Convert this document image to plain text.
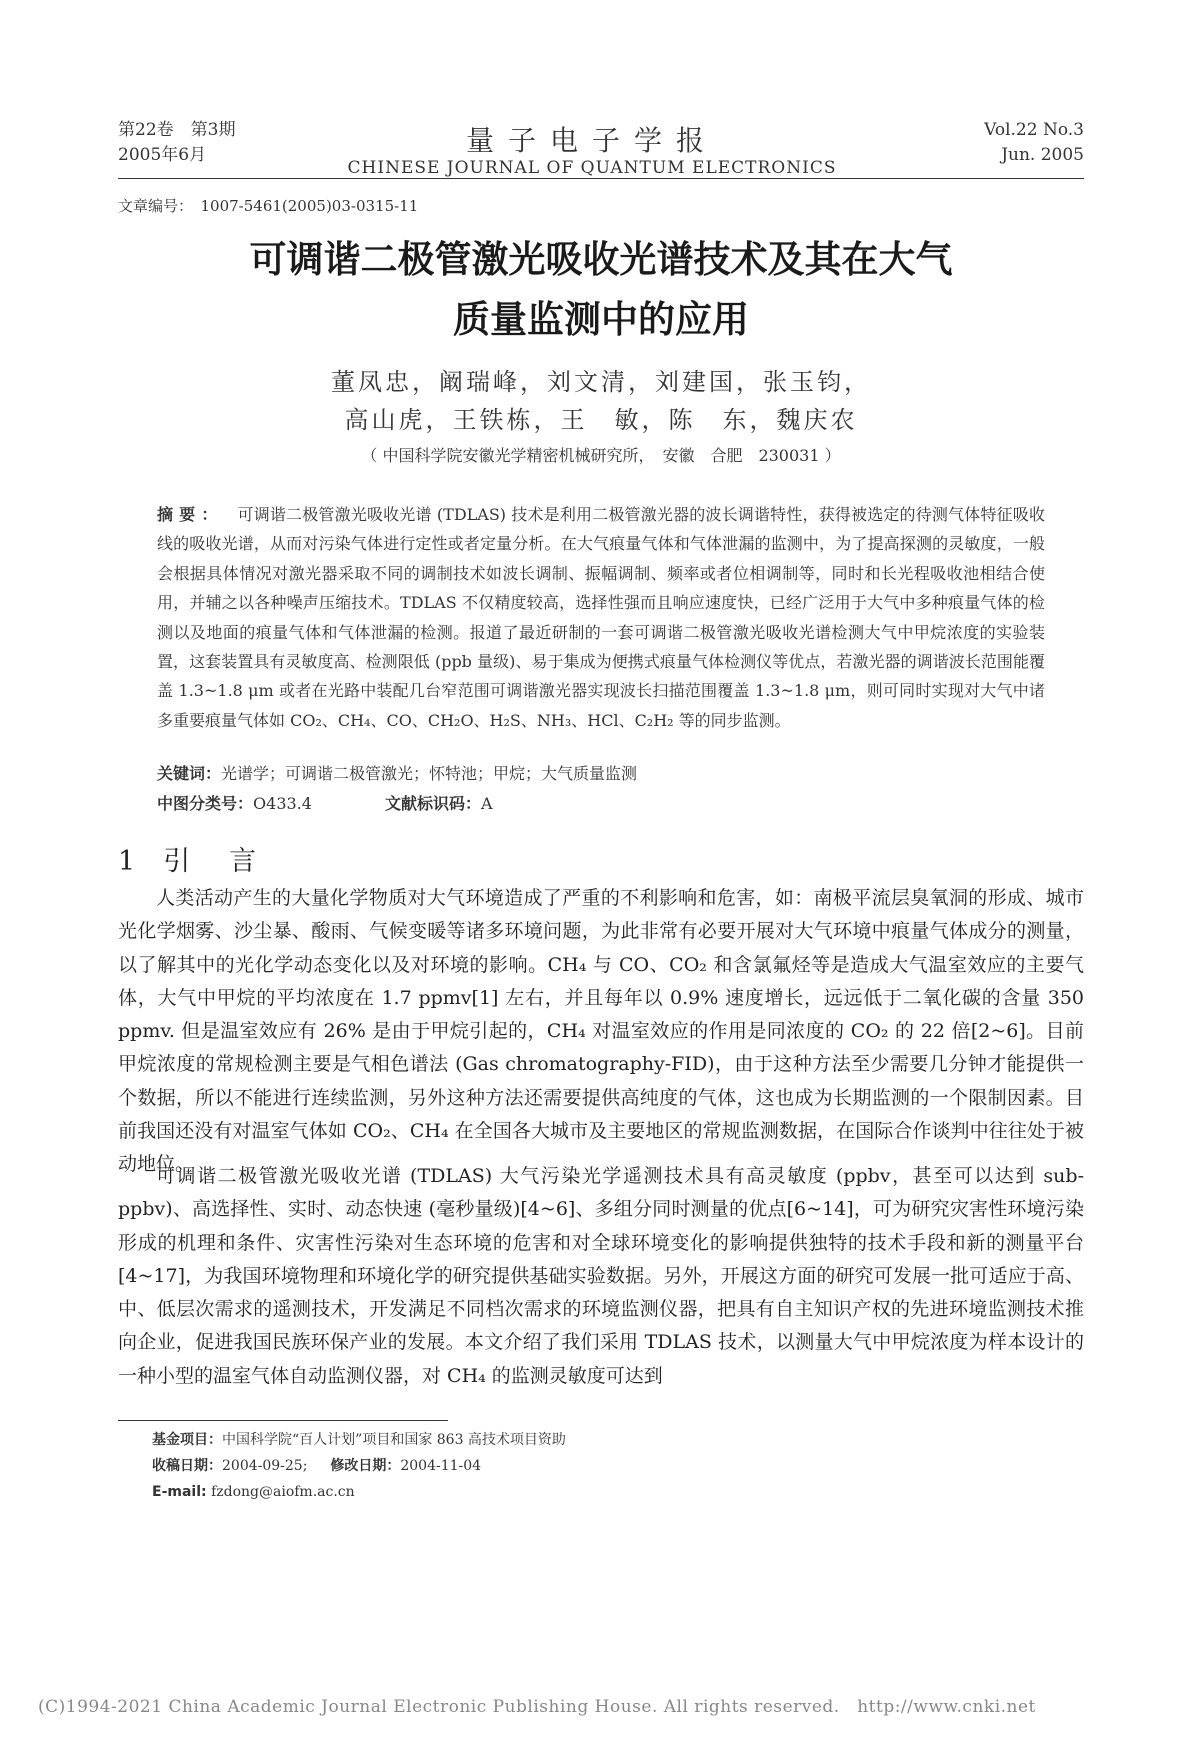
第22卷　第3期
2005年6月	量子电子学报
CHINESE JOURNAL OF QUANTUM ELECTRONICS
Vol.22 No.3
Jun. 2005
文章编号：　1007-5461(2005)03-0315-11
可调谐二极管激光吸收光谱技术及其在大气
质量监测中的应用
董凤忠，阚瑞峰，刘文清，刘建国，张玉钧，
高山虎，王铁栋，王　敏，陈　东，魏庆农
（ 中国科学院安徽光学精密机械研究所，　安徽　合肥　230031 ）
摘要： 可调谐二极管激光吸收光谱 (TDLAS) 技术是利用二极管激光器的波长调谐特性，获得被选定的待测气体特征吸收线的吸收光谱，从而对污染气体进行定性或者定量分析。在大气痕量气体和气体泄漏的监测中，为了提高探测的灵敏度，一般会根据具体情况对激光器采取不同的调制技术如波长调制、振幅调制、频率或者位相调制等，同时和长光程吸收池相结合使用，并辅之以各种噪声压缩技术。TDLAS 不仅精度较高，选择性强而且响应速度快，已经广泛用于大气中多种痕量气体的检测以及地面的痕量气体和气体泄漏的检测。报道了最近研制的一套可调谐二极管激光吸收光谱检测大气中甲烷浓度的实验装置，这套装置具有灵敏度高、检测限低 (ppb 量级)、易于集成为便携式痕量气体检测仪等优点，若激光器的调谐波长范围能覆盖 1.3~1.8 μm 或者在光路中装配几台窄范围可调谐激光器实现波长扫描范围覆盖 1.3~1.8 μm，则可同时实现对大气中诸多重要痕量气体如 CO₂、CH₄、CO、CH₂O、H₂S、NH₃、HCl、C₂H₂ 等的同步监测。
关键词：光谱学；可调谐二极管激光；怀特池；甲烷；大气质量监测
中图分类号：O433.4	文献标识码：A
1 引　言
人类活动产生的大量化学物质对大气环境造成了严重的不利影响和危害，如：南极平流层臭氧洞的形成、城市光化学烟雾、沙尘暴、酸雨、气候变暖等诸多环境问题，为此非常有必要开展对大气环境中痕量气体成分的测量，以了解其中的光化学动态变化以及对环境的影响。CH₄ 与 CO、CO₂ 和含氯氟烃等是造成大气温室效应的主要气体，大气中甲烷的平均浓度在 1.7 ppmv[1] 左右，并且每年以 0.9% 速度增长，远远低于二氧化碳的含量 350 ppmv. 但是温室效应有 26% 是由于甲烷引起的，CH₄ 对温室效应的作用是同浓度的 CO₂ 的 22 倍[2~6]。目前甲烷浓度的常规检测主要是气相色谱法 (Gas chromatography-FID)，由于这种方法至少需要几分钟才能提供一个数据，所以不能进行连续监测，另外这种方法还需要提供高纯度的气体，这也成为长期监测的一个限制因素。目前我国还没有对温室气体如 CO₂、CH₄ 在全国各大城市及主要地区的常规监测数据，在国际合作谈判中往往处于被动地位。
可调谐二极管激光吸收光谱 (TDLAS) 大气污染光学遥测技术具有高灵敏度 (ppbv，甚至可以达到 sub-ppbv)、高选择性、实时、动态快速 (毫秒量级)[4~6]、多组分同时测量的优点[6~14]，可为研究灾害性环境污染形成的机理和条件、灾害性污染对生态环境的危害和对全球环境变化的影响提供独特的技术手段和新的测量平台[4~17]，为我国环境物理和环境化学的研究提供基础实验数据。另外，开展这方面的研究可发展一批可适应于高、中、低层次需求的遥测技术，开发满足不同档次需求的环境监测仪器，把具有自主知识产权的先进环境监测技术推向企业，促进我国民族环保产业的发展。本文介绍了我们采用 TDLAS 技术，以测量大气中甲烷浓度为样本设计的一种小型的温室气体自动监测仪器，对 CH₄ 的监测灵敏度可达到
基金项目：中国科学院“百人计划”项目和国家 863 高技术项目资助
收稿日期：2004-09-25; 修改日期：2004-11-04
E-mail: fzdong@aiofm.ac.cn
(C)1994-2021 China Academic Journal Electronic Publishing House. All rights reserved.　http://www.cnki.net
